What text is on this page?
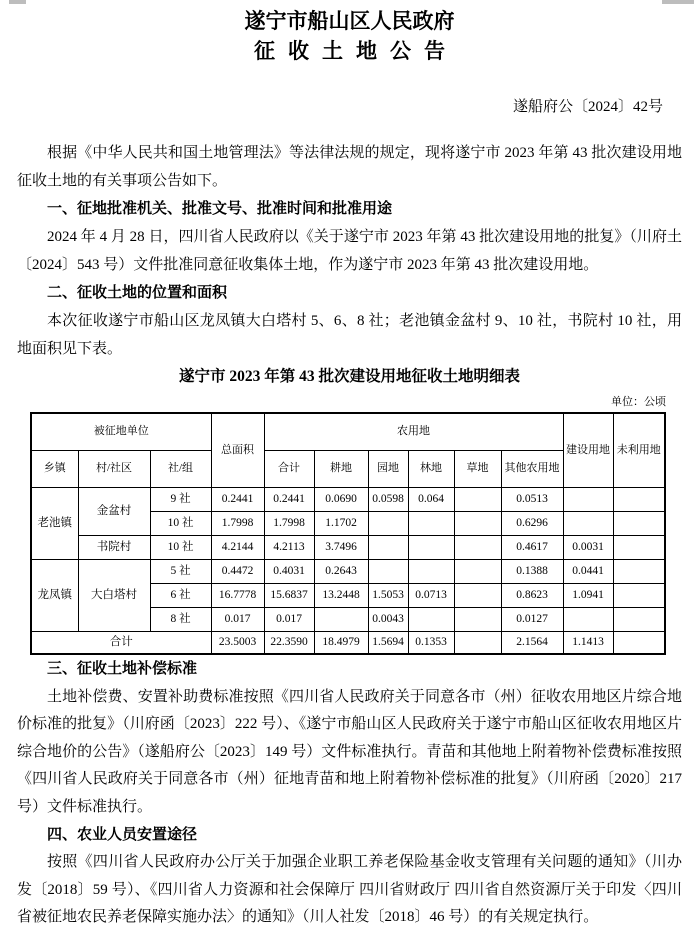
遂宁市船山区人民政府
征收土地公告
遂船府公〔2024〕42号

根据《中华人民共和国土地管理法》等法律法规的规定，现将遂宁市 2023 年第 43 批次建设用地征收土地的有关事项公告如下。

一、征地批准机关、批准文号、批准时间和批准用途

2024 年 4 月 28 日，四川省人民政府以《关于遂宁市 2023 年第 43 批次建设用地的批复》（川府土〔2024〕543 号）文件批准同意征收集体土地，作为遂宁市 2023 年第 43 批次建设用地。

二、征收土地的位置和面积

本次征收遂宁市船山区龙凤镇大白塔村 5、6、8 社；老池镇金盆村 9、10 社，书院村 10 社，用地面积见下表。

遂宁市 2023 年第 43 批次建设用地征收土地明细表

单位：公顷
被征地单位			总面积	农用地						建设用地	未利用地
乡镇	村/社区	社/组		合计	耕地	园地	林地	草地	其他农用地		
老池镇	金盆村	9 社	0.2441	0.2441	0.0690	0.0598	0.064		0.0513		
		10 社	1.7998	1.7998	1.1702				0.6296		
	书院村	10 社	4.2144	4.2113	3.7496				0.4617	0.0031	
龙凤镇	大白塔村	5 社	0.4472	0.4031	0.2643				0.1388	0.0441	
		6 社	16.7778	15.6837	13.2448	1.5053	0.0713		0.8623	1.0941	
		8 社	0.017	0.017		0.0043			0.0127		
合计			23.5003	22.3590	18.4979	1.5694	0.1353		2.1564	1.1413	

三、征收土地补偿标准

土地补偿费、安置补助费标准按照《四川省人民政府关于同意各市（州）征收农用地区片综合地价标准的批复》（川府函〔2023〕222 号）、《遂宁市船山区人民政府关于遂宁市船山区征收农用地区片综合地价的公告》（遂船府公〔2023〕149 号）文件标准执行。青苗和其他地上附着物补偿费标准按照《四川省人民政府关于同意各市（州）征地青苗和地上附着物补偿标准的批复》（川府函〔2020〕217 号）文件标准执行。

四、农业人员安置途径

按照《四川省人民政府办公厅关于加强企业职工养老保险基金收支管理有关问题的通知》（川办发〔2018〕59 号）、《四川省人力资源和社会保障厅 四川省财政厅 四川省自然资源厅关于印发〈四川省被征地农民养老保障实施办法〉的通知》（川人社发〔2018〕46 号）的有关规定执行。
